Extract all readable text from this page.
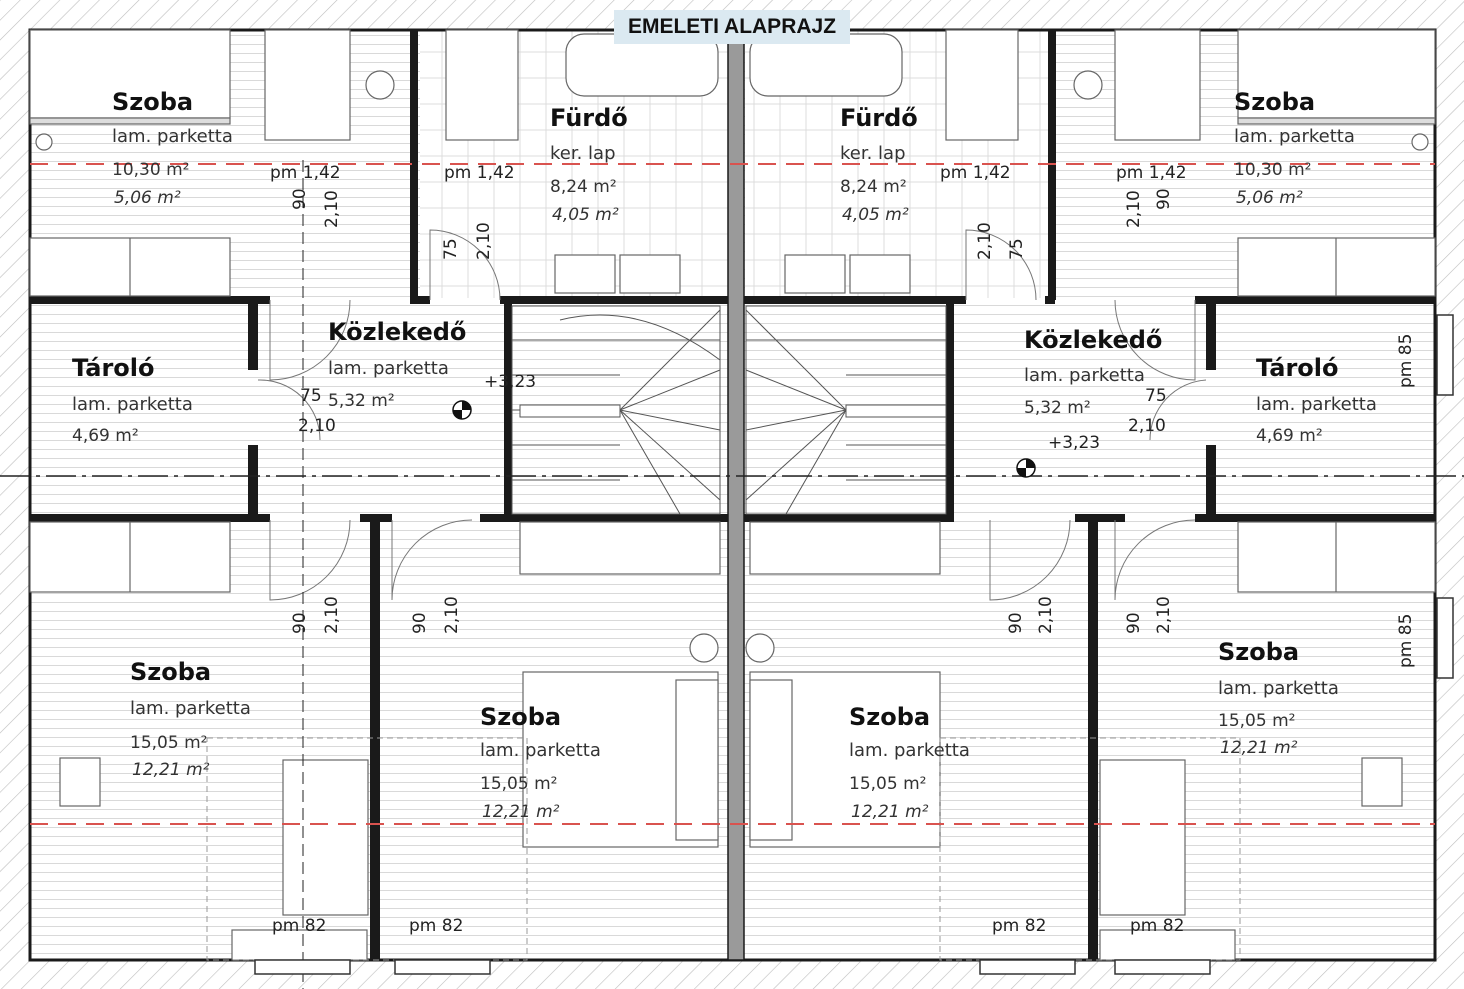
EMELETI ALAPRAJZ
Szoba
lam. parketta
10,30 m²
5,06 m²
Fürdő
ker. lap
8,24 m²
4,05 m²
Fürdő
ker. lap
8,24 m²
4,05 m²
Szoba
lam. parketta
10,30 m²
5,06 m²
Tároló
lam. parketta
4,69 m²
Közlekedő
lam. parketta
5,32 m²
+3,23
Közlekedő
lam. parketta
5,32 m²
+3,23
Tároló
lam. parketta
4,69 m²
Szoba
lam. parketta
15,05 m²
12,21 m²
Szoba
lam. parketta
15,05 m²
12,21 m²
Szoba
lam. parketta
15,05 m²
12,21 m²
Szoba
lam. parketta
15,05 m²
12,21 m²
pm 1,42	pm 1,42	pm 1,42	pm 1,42
pm 82	pm 82	pm 82	pm 82
pm 85
pm 85
90 2,10
75 2,10	2,10 75
2,10 90
75
2,10
75
2,10
90 2,10	90 2,10	90 2,10	90 2,10
